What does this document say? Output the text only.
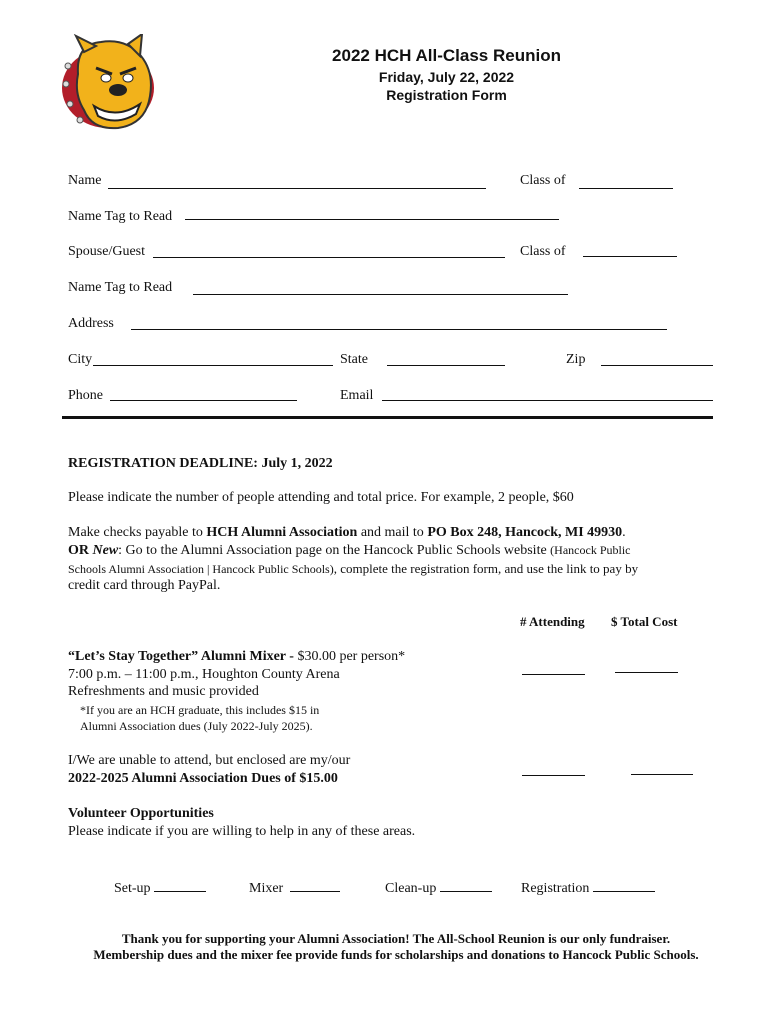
2022 HCH All-Class Reunion
Friday, July 22, 2022
Registration Form
Name	Class of
Name Tag to Read
Spouse/Guest	Class of
Name Tag to Read
Address
City	State	Zip
Phone	Email
REGISTRATION DEADLINE: July 1, 2022
Please indicate the number of people attending and total price. For example, 2 people, $60
Make checks payable to HCH Alumni Association and mail to PO Box 248, Hancock, MI 49930.
OR New: Go to the Alumni Association page on the Hancock Public Schools website (Hancock Public
Schools Alumni Association | Hancock Public Schools), complete the registration form, and use the link to pay by
credit card through PayPal.
# Attending $ Total Cost
“Let’s Stay Together” Alumni Mixer - $30.00 per person*
7:00 p.m. – 11:00 p.m., Houghton County Arena
Refreshments and music provided
*If you are an HCH graduate, this includes $15 in
Alumni Association dues (July 2022-July 2025).
I/We are unable to attend, but enclosed are my/our
2022-2025 Alumni Association Dues of $15.00
Volunteer Opportunities
Please indicate if you are willing to help in any of these areas.
Set-up	Mixer	Clean-up	Registration
Thank you for supporting your Alumni Association! The All-School Reunion is our only fundraiser.
Membership dues and the mixer fee provide funds for scholarships and donations to Hancock Public Schools.
